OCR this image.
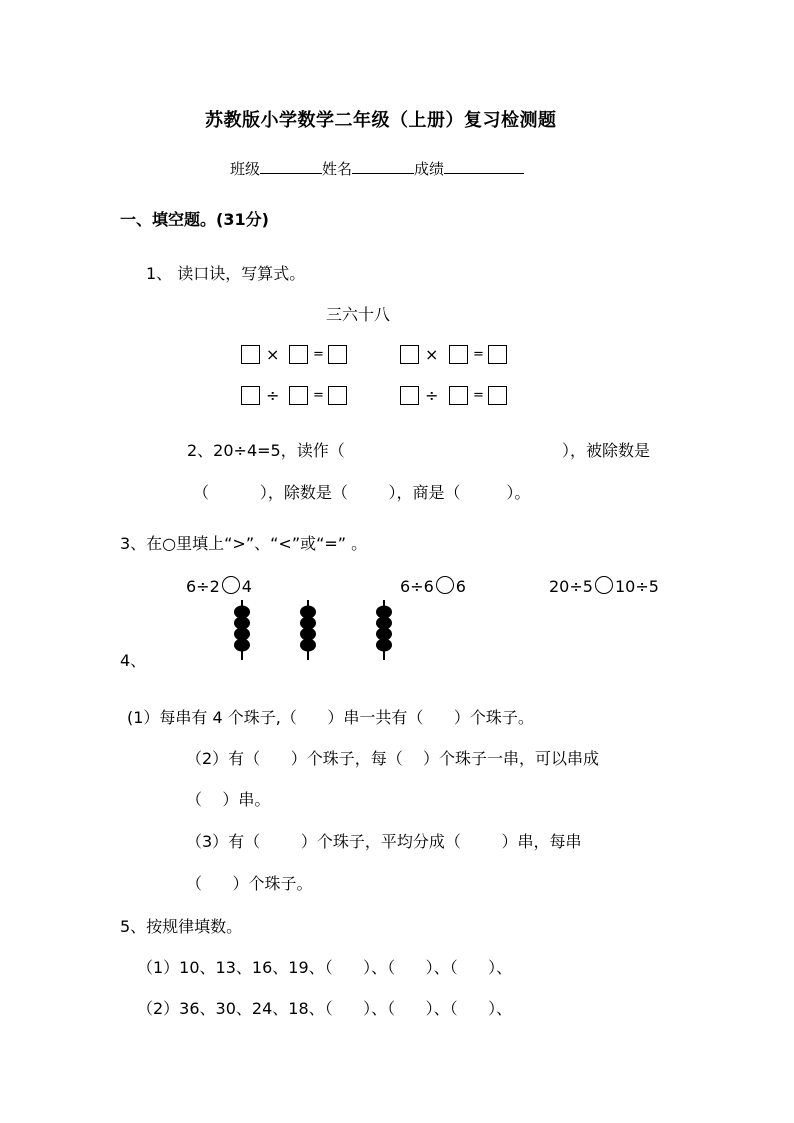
苏教版小学数学二年级（上册）复习检测题
班级	姓名	成绩
一、填空题。(31分)
1、 读口诀，写算式。
三六十八
×	=	×	=
÷	=	÷	=
2、20÷4=5，读作（	），被除数是
（          ），除数是（        ），商是（         ）。
3、在○里填上“>”、“<”或“=” 。
6÷2 4	6÷6 6	20÷5 10÷5
4、
(1）每串有 4 个珠子,（      ）串一共有（      ）个珠子。
（2）有（      ）个珠子，每（    ）个珠子一串，可以串成
（    ）串。
（3）有（        ）个珠子，平均分成（        ）串，每串
（      ）个珠子。
5、按规律填数。
（1）10、13、16、19、（      ）、（      ）、（      ）、
（2）36、30、24、18、（      ）、（      ）、（      ）、
